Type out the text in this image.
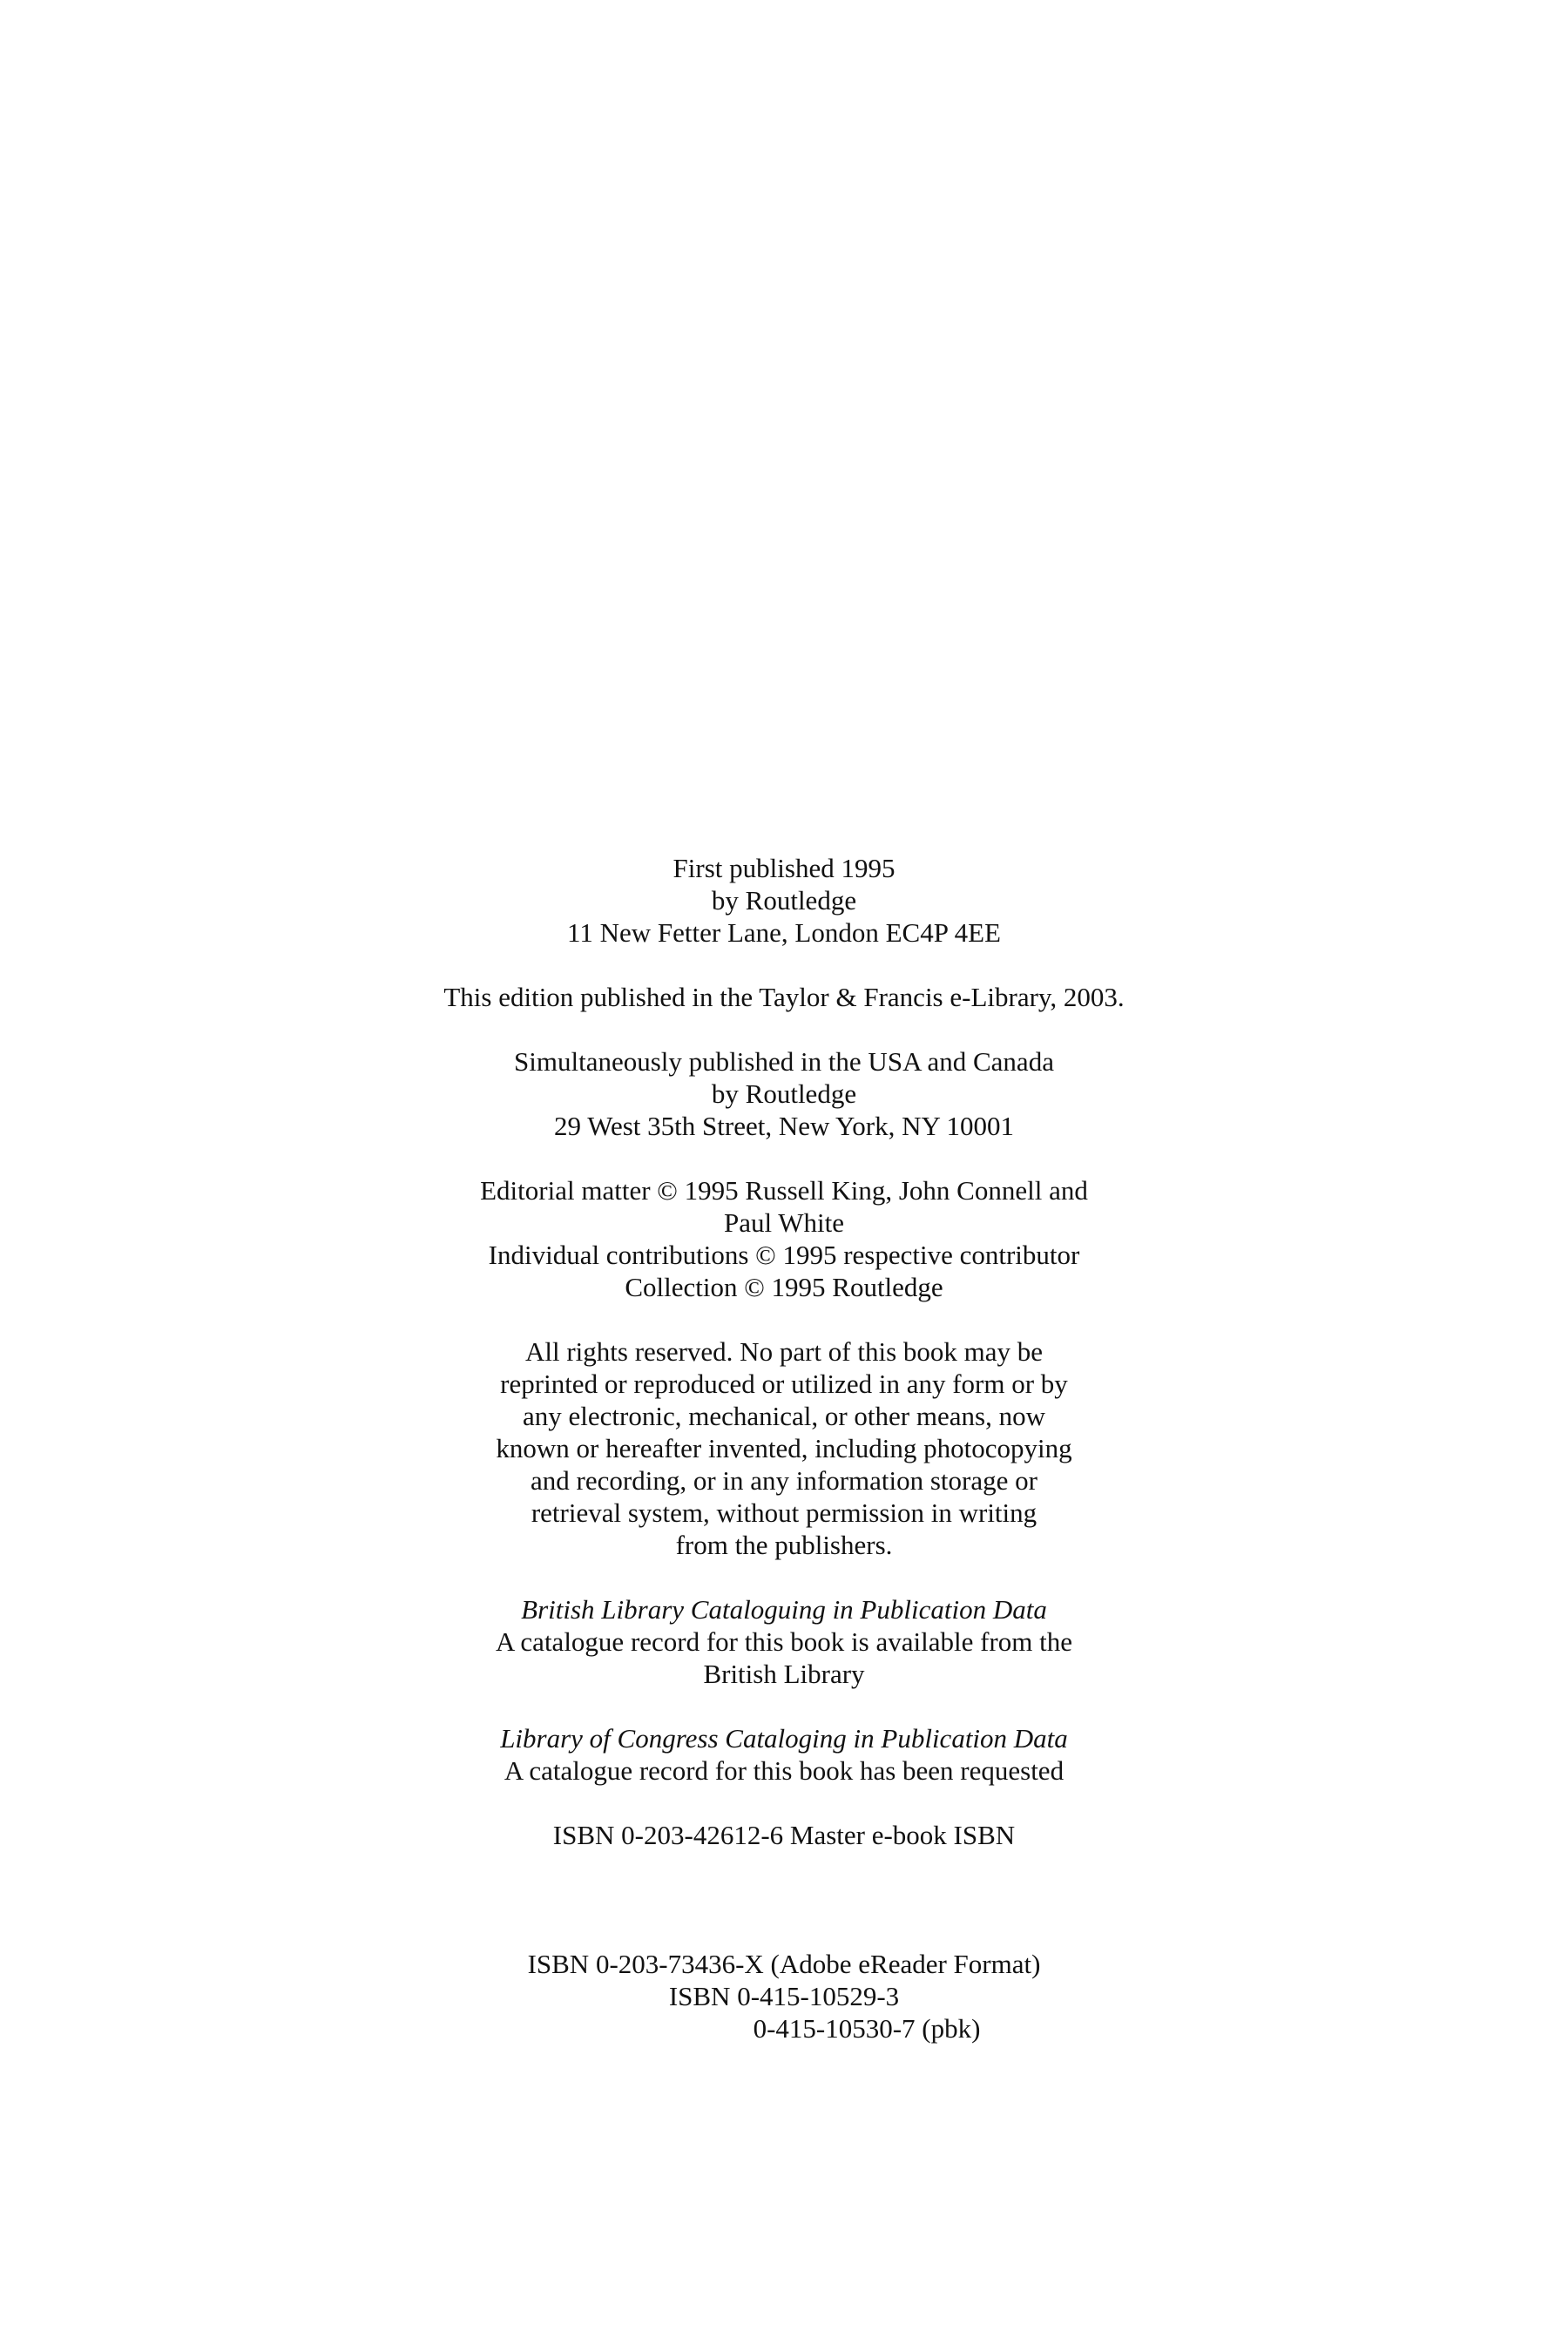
First published 1995
by Routledge
11 New Fetter Lane, London EC4P 4EE
This edition published in the Taylor & Francis e-Library, 2003.
Simultaneously published in the USA and Canada
by Routledge
29 West 35th Street, New York, NY 10001
Editorial matter © 1995 Russell King, John Connell and
Paul White
Individual contributions © 1995 respective contributor
Collection © 1995 Routledge
All rights reserved. No part of this book may be
reprinted or reproduced or utilized in any form or by
any electronic, mechanical, or other means, now
known or hereafter invented, including photocopying
and recording, or in any information storage or
retrieval system, without permission in writing
from the publishers.
British Library Cataloguing in Publication Data
A catalogue record for this book is available from the
British Library
Library of Congress Cataloging in Publication Data
A catalogue record for this book has been requested
ISBN 0-203-42612-6 Master e-book ISBN
ISBN 0-203-73436-X (Adobe eReader Format)
ISBN 0-415-10529-3
0-415-10530-7 (pbk)
